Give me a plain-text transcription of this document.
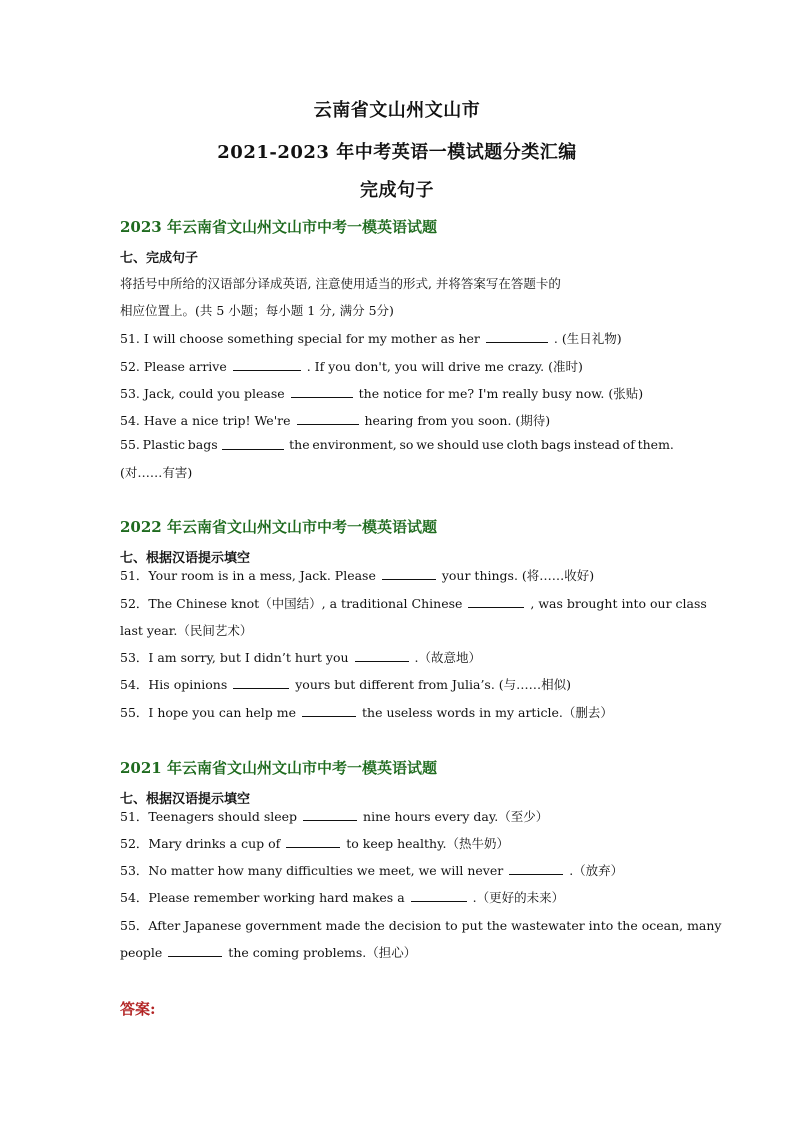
云南省文山州文山市
2021-2023 年中考英语一模试题分类汇编
完成句子
2023 年云南省文山州文山市中考一模英语试题
七、完成句子
将括号中所给的汉语部分译成英语, 注意使用适当的形式, 并将答案写在答题卡的
相应位置上。(共 5 小题；每小题 1 分, 满分 5分)
51. I will choose something special for my mother as her	. (生日礼物)
52. Please arrive	. If you don't, you will drive me crazy. (准时)
53. Jack, could you please	the notice for me? I'm really busy now. (张贴)
54. Have a nice trip! We're	hearing from you soon. (期待)
55. Plastic bags	the environment, so we should use cloth bags instead of them.
(对……有害)
2022 年云南省文山州文山市中考一模英语试题
七、根据汉语提示填空
51．Your room is in a mess, Jack. Please	your things. (将……收好)
52．The Chinese knot（中国结）, a traditional Chinese	, was brought into our class
last year.（民间艺术）
53．I am sorry, but I didn’t hurt you	.（故意地）
54．His opinions	yours but different from Julia’s. (与……相似)
55．I hope you can help me	the useless words in my article.（删去）
2021 年云南省文山州文山市中考一模英语试题
七、根据汉语提示填空
51．Teenagers should sleep	nine hours every day.（至少）
52．Mary drinks a cup of	to keep healthy.（热牛奶）
53．No matter how many difficulties we meet, we will never	.（放弃）
54．Please remember working hard makes a	.（更好的未来）
55．After Japanese government made the decision to put the wastewater into the ocean, many
people	the coming problems.（担心）
答案:
